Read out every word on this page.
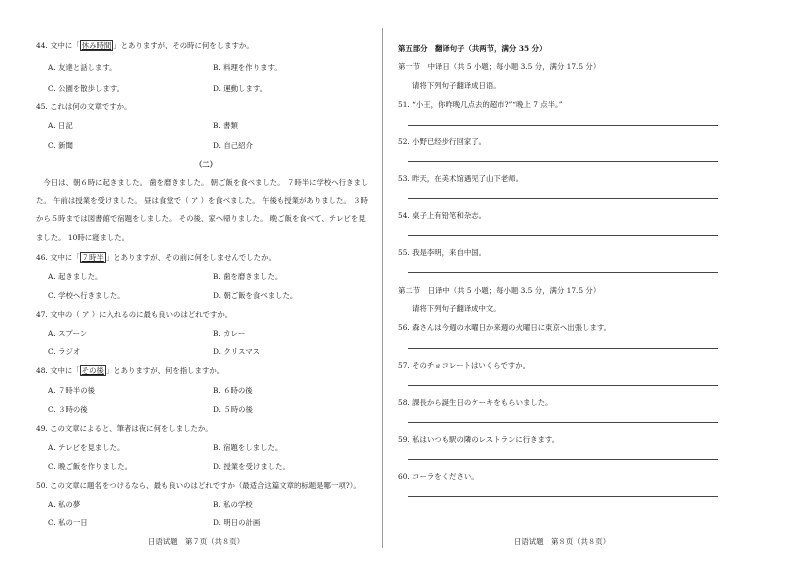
44. 文中に「 休み時間 」とありますが、その時に何をしますか。
A. 友達と話します。	B. 料理を作ります。
C. 公園を散歩します。	D. 運動します。
45. これは何の文章ですか。
A. 日記	B. 書類
C. 新聞	D. 自己紹介
（二）
　今日は、朝６時に起きました。 歯を磨きました。 朝ご飯を食べました。 ７時半に学校へ行きまし
た。 午前は授業を受けました。 昼は食堂で（ ア ）を食べました。 午後も授業がありました。 ３時
から５時までは図書館で宿題をしました。 その後、家へ帰りました。 晩ご飯を食べて、テレビを見
ました。 10時に寝ました。
46. 文中に「 ７時半 」とありますが、その前に何をしませんでしたか。
A. 起きました。	B. 歯を磨きました。
C. 学校へ行きました。	D. 朝ご飯を食べました。
47. 文中の（ ア ）に入れるのに最も良いのはどれですか。
A. スプーン	B. カレー
C. ラジオ	D. クリスマス
48. 文中に「 その後 」とありますが、何を指しますか。
A. ７時半の後	B. ６時の後
C. ３時の後	D. ５時の後
49. この文章によると、筆者は夜に何をしましたか。
A. テレビを見ました。	B. 宿題をしました。
C. 晩ご飯を作りました。	D. 授業を受けました。
50. この文章に題名をつけるなら、最も良いのはどれですか（最适合这篇文章的标题是哪一项?）。
A. 私の夢	B. 私の学校
C. 私の一日	D. 明日の計画
日语试题　第７页（共８页）
第五部分　翻译句子（共两节，满分 35 分）
第一节　中译日（共 5 小题；每小题 3.5 分，满分 17.5 分）
请将下列句子翻译成日语。
51. “小王，你昨晚几点去的超市?”“晚上 7 点半。”
52. 小野已经步行回家了。
53. 昨天，在美术馆遇见了山下老师。
54. 桌子上有铅笔和杂志。
55. 我是李明，来自中国。
第二节　日译中（共 5 小题；每小题 3.5 分，满分 17.5 分）
请将下列句子翻译成中文。
56. 森さんは今週の水曜日か来週の火曜日に東京へ出張します。
57. そのチョコレートはいくらですか。
58. 課長から誕生日のケーキをもらいました。
59. 私はいつも駅の隣のレストランに行きます。
60. コーラをください。
日语试题　第８页（共８页）
